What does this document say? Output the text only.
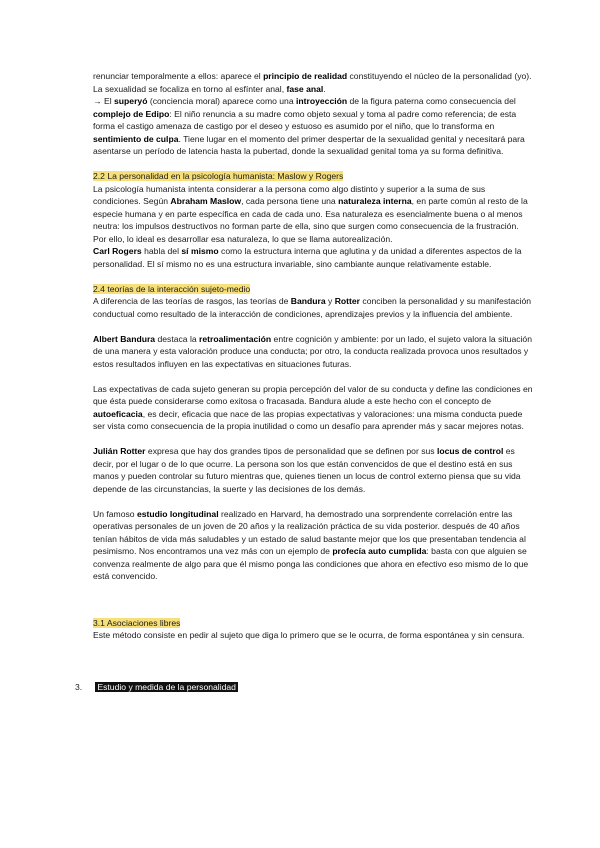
renunciar temporalmente a ellos: aparece el principio de realidad constituyendo el núcleo de la personalidad (yo). La sexualidad se focaliza en torno al esfínter anal, fase anal.

→ El superyó (conciencia moral) aparece como una introyección de la figura paterna como consecuencia del complejo de Edipo: El niño renuncia a su madre como objeto sexual y toma al padre como referencia; de esta forma el castigo amenaza de castigo por el deseo y estuoso es asumido por el niño, que lo transforma en sentimiento de culpa. Tiene lugar en el momento del primer despertar de la sexualidad genital y necesitará para asentarse un período de latencia hasta la pubertad, donde la sexualidad genital toma ya su forma definitiva.

2.2 La personalidad en la psicología humanista: Maslow y Rogers

La psicología humanista intenta considerar a la persona como algo distinto y superior a la suma de sus condiciones. Según Abraham Maslow, cada persona tiene una naturaleza interna, en parte común al resto de la especie humana y en parte específica en cada de cada uno. Esa naturaleza es esencialmente buena o al menos neutra: los impulsos destructivos no forman parte de ella, sino que surgen como consecuencia de la frustración. Por ello, lo ideal es desarrollar esa naturaleza, lo que se llama autorealización.

Carl Rogers habla del sí mismo como la estructura interna que aglutina y da unidad a diferentes aspectos de la personalidad. El sí mismo no es una estructura invariable, sino cambiante aunque relativamente estable.

2.4 teorías de la interacción sujeto-medio

A diferencia de las teorías de rasgos, las teorías de Bandura y Rotter conciben la personalidad y su manifestación conductual como resultado de la interacción de condiciones, aprendizajes previos y la influencia del ambiente.

Albert Bandura destaca la retroalimentación entre cognición y ambiente: por un lado, el sujeto valora la situación de una manera y esta valoración produce una conducta; por otro, la conducta realizada provoca unos resultados y estos resultados influyen en las expectativas en situaciones futuras.

Las expectativas de cada sujeto generan su propia percepción del valor de su conducta y define las condiciones en que ésta puede considerarse como exitosa o fracasada. Bandura alude a este hecho con el concepto de autoeficacia, es decir, eficacia que nace de las propias expectativas y valoraciones: una misma conducta puede ser vista como consecuencia de la propia inutilidad o como un desafío para aprender más y sacar mejores notas.

Julián Rotter expresa que hay dos grandes tipos de personalidad que se definen por sus locus de control es decir, por el lugar o de lo que ocurre. La persona son los que están convencidos de que el destino está en sus manos y pueden controlar su futuro mientras que, quienes tienen un locus de control externo piensa que su vida depende de las circunstancias, la suerte y las decisiones de los demás.

Un famoso estudio longitudinal realizado en Harvard, ha demostrado una sorprendente correlación entre las operativas personales de un joven de 20 años y la realización práctica de su vida posterior. después de 40 años tenían hábitos de vida más saludables y un estado de salud bastante mejor que los que presentaban tendencia al pesimismo. Nos encontramos una vez más con un ejemplo de profecía auto cumplida: basta con que alguien se convenza realmente de algo para que él mismo ponga las condiciones que ahora en efectivo eso mismo de lo que está convencido.

3.1 Asociaciones libres

Este método consiste en pedir al sujeto que diga lo primero que se le ocurra, de forma espontánea y sin censura.

3. Estudio y medida de la personalidad
